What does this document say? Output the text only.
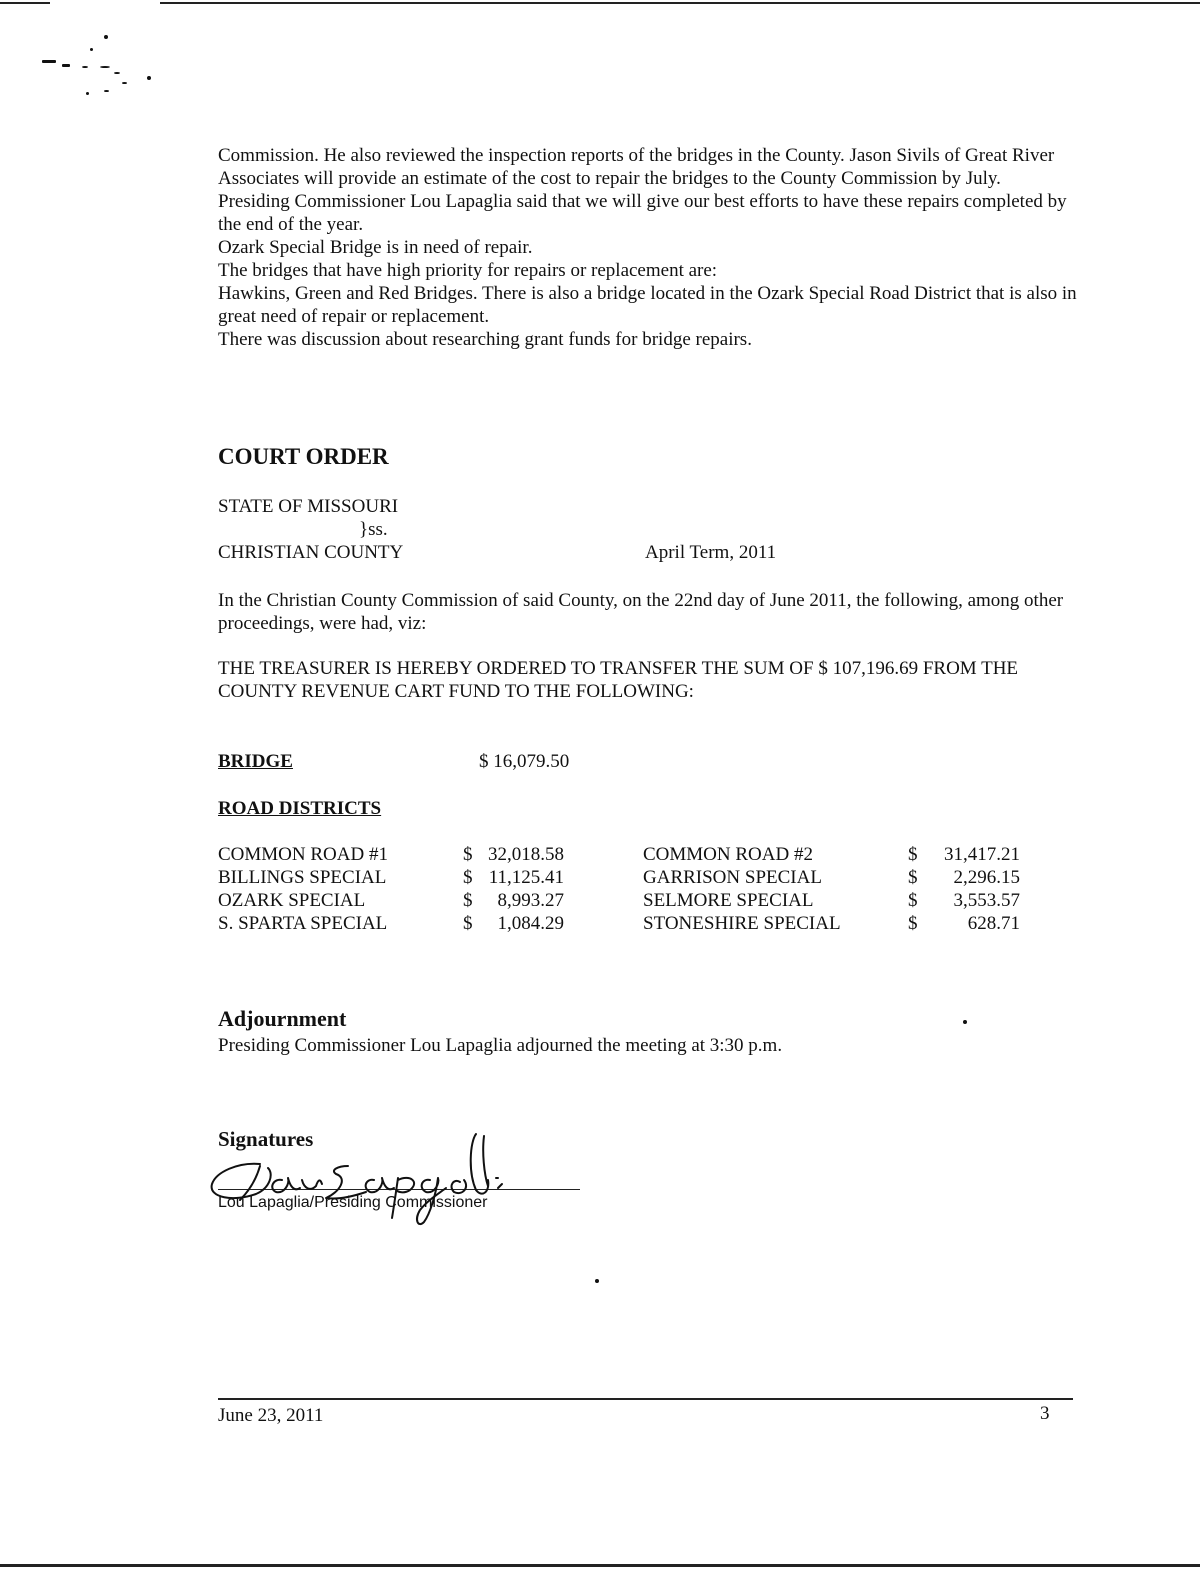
Commission. He also reviewed the inspection reports of the bridges in the County. Jason Sivils of Great River Associates will provide an estimate of the cost to repair the bridges to the County Commission by July.

Presiding Commissioner Lou Lapaglia said that we will give our best efforts to have these repairs completed by the end of the year.

Ozark Special Bridge is in need of repair.

The bridges that have high priority for repairs or replacement are:

Hawkins, Green and Red Bridges. There is also a bridge located in the Ozark Special Road District that is also in great need of repair or replacement.

There was discussion about researching grant funds for bridge repairs.

COURT ORDER
STATE OF MISSOURI
}ss.
CHRISTIAN COUNTY	April Term, 2011

In the Christian County Commission of said County, on the 22nd day of June 2011, the following, among other proceedings, were had, viz:

THE TREASURER IS HEREBY ORDERED TO TRANSFER THE SUM OF $ 107,196.69 FROM THE COUNTY REVENUE CART FUND TO THE FOLLOWING:

BRIDGE	$ 16,079.50
ROAD DISTRICTS
COMMON ROAD #1	$ 32,018.58	COMMON ROAD #2	$	31,417.21
BILLINGS SPECIAL	$ 11,125.41	GARRISON SPECIAL	$	2,296.15
OZARK SPECIAL	$	8,993.27	SELMORE SPECIAL	$	3,553.57
S. SPARTA SPECIAL	$	1,084.29	STONESHIRE SPECIAL	$	628.71
Adjournment
Presiding Commissioner Lou Lapaglia adjourned the meeting at 3:30 p.m.
Signatures
Lou Lapaglia/Presiding Commissioner
June 23, 2011	3
